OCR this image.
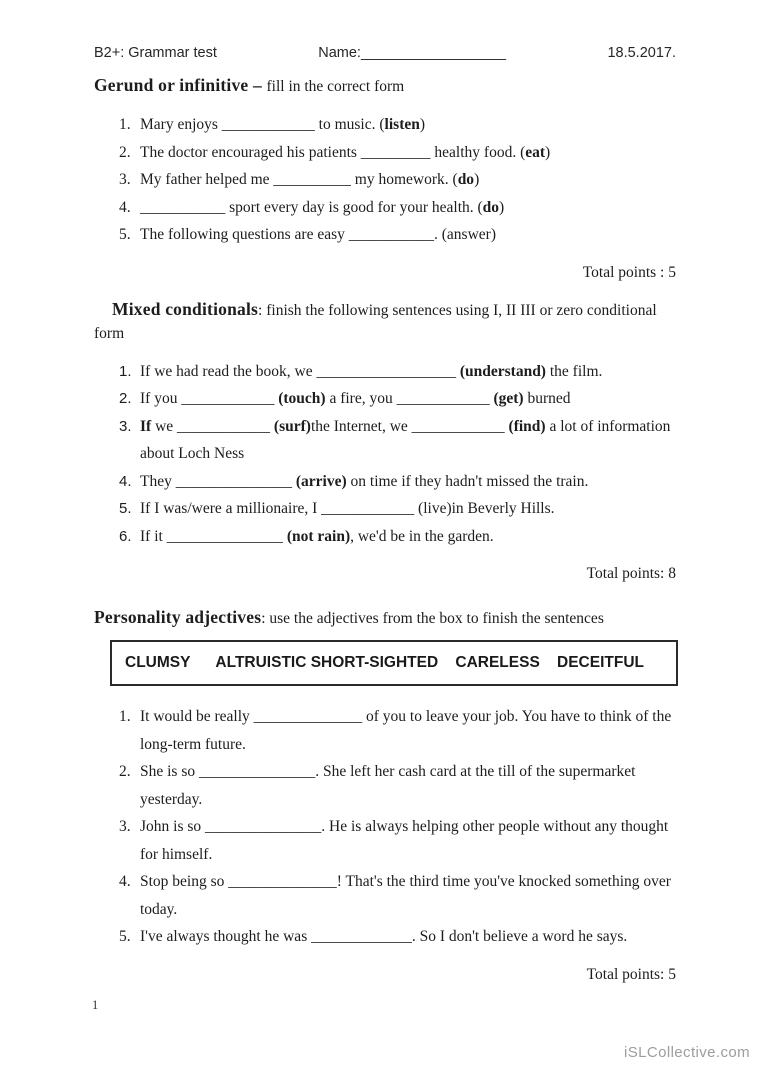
B2+: Grammar test	Name:__________________	18.5.2017.

Gerund or infinitive – fill in the correct form

1. Mary enjoys ____________ to music. (listen)
2. The doctor encouraged his patients _________ healthy food. (eat)
3. My father helped me __________ my homework. (do)
4. ___________ sport every day is good for your health. (do)
5. The following questions are easy ___________. (answer)

Total points : 5

Mixed conditionals: finish the following sentences using I, II III or zero conditional form

1. If we had read the book, we __________________ (understand) the film.
2. If you ____________ (touch) a fire, you ____________ (get) burned
3. If we ____________ (surf)the Internet, we ____________ (find) a lot of information about Loch Ness
4. They _______________ (arrive) on time if they hadn't missed the train.
5. If I was/were a millionaire, I ____________ (live)in Beverly Hills.
6. If it _______________ (not rain), we'd be in the garden.

Total points: 8

Personality adjectives: use the adjectives from the box to finish the sentences

CLUMSY      ALTRUISTIC SHORT-SIGHTED    CARELESS    DECEITFUL
1. It would be really ______________ of you to leave your job. You have to think of the long-term future.
2. She is so _______________. She left her cash card at the till of the supermarket yesterday.
3. John is so _______________. He is always helping other people without any thought for himself.
4. Stop being so ______________! That's the third time you've knocked something over today.
5. I've always thought he was _____________. So I don't believe a word he says.

Total points: 5

1
iSLCollective.com
